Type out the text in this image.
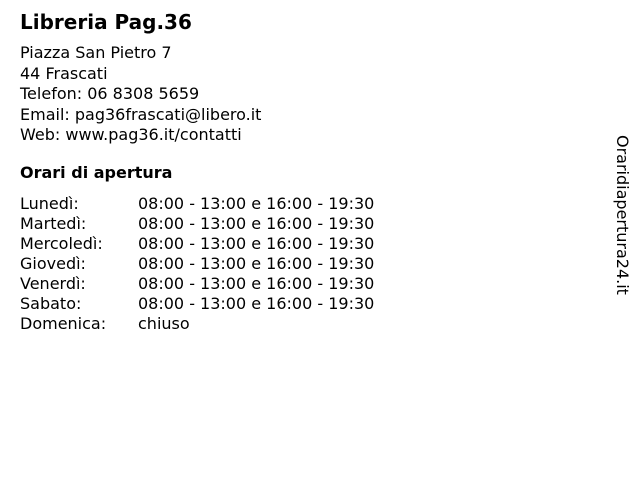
Libreria Pag.36
Piazza San Pietro 7
44 Frascati
Telefon: 06 8308 5659
Email: pag36frascati@libero.it
Web: www.pag36.it/contatti
Orari di apertura
Lunedì:	08:00 - 13:00 e 16:00 - 19:30
Martedì:	08:00 - 13:00 e 16:00 - 19:30
Mercoledì: 08:00 - 13:00 e 16:00 - 19:30
Giovedì:	08:00 - 13:00 e 16:00 - 19:30
Venerdì:	08:00 - 13:00 e 16:00 - 19:30
Sabato:	08:00 - 13:00 e 16:00 - 19:30
Domenica: chiuso
Oraridiapertura24.it
